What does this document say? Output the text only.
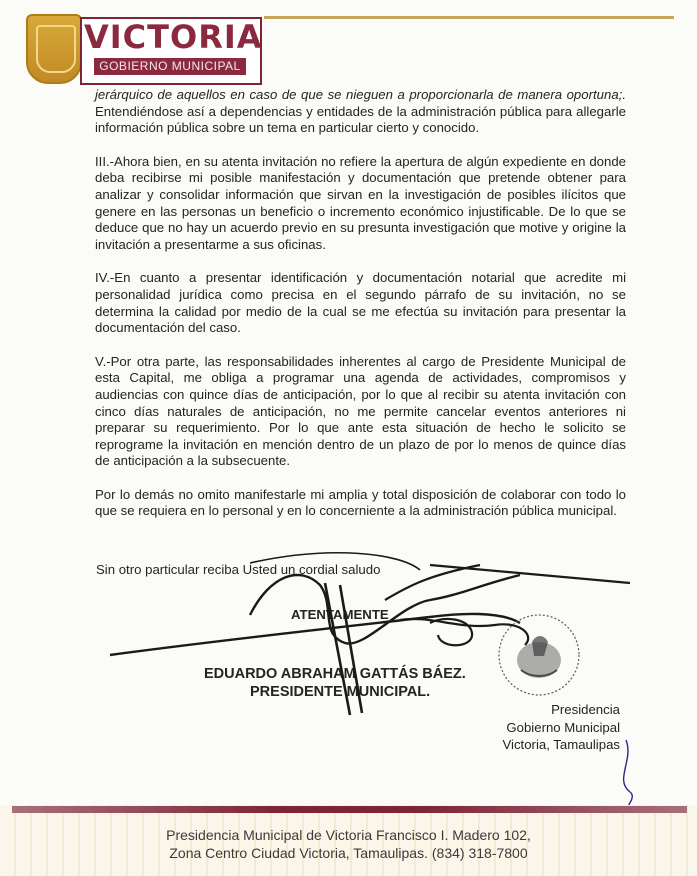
VICTORIA
GOBIERNO MUNICIPAL

jerárquico de aquellos en caso de que se nieguen a proporcionarla de manera oportuna;. Entendiéndose así a dependencias y entidades de la administración pública para allegarle información pública sobre un tema en particular cierto y conocido.

III.-Ahora bien, en su atenta invitación no refiere la apertura de algún expediente en donde deba recibirse mi posible manifestación y documentación que pretende obtener para analizar y consolidar información que sirvan en la investigación de posibles ilícitos que genere en las personas un beneficio o incremento económico injustificable. De lo que se deduce que no hay un acuerdo previo en su presunta investigación que motive y origine la invitación a presentarme a sus oficinas.

IV.-En cuanto a presentar identificación y documentación notarial que acredite mi personalidad jurídica como precisa en el segundo párrafo de su invitación, no se determina la calidad por medio de la cual se me efectúa su invitación para presentar la documentación del caso.

V.-Por otra parte, las responsabilidades inherentes al cargo de Presidente Municipal de esta Capital, me obliga a programar una agenda de actividades, compromisos y audiencias con quince días de anticipación, por lo que al recibir su atenta invitación con cinco días naturales de anticipación, no me permite cancelar eventos anteriores ni preparar su requerimiento. Por lo que ante esta situación de hecho le solicito se reprograme la invitación en mención dentro de un plazo de por lo menos de quince días de anticipación a la subsecuente.

Por lo demás no omito manifestarle mi amplia y total disposición de colaborar con todo lo que se requiera en lo personal y en lo concerniente a la administración pública municipal.

Sin otro particular reciba Usted un cordial saludo
ATENTAMENTE
EDUARDO ABRAHAM GATTÁS BÁEZ.
PRESIDENTE MUNICIPAL.
Presidencia
Gobierno Municipal
Victoria, Tamaulipas
Presidencia Municipal de Victoria Francisco I. Madero 102,
Zona Centro Ciudad Victoria, Tamaulipas. (834) 318-7800
